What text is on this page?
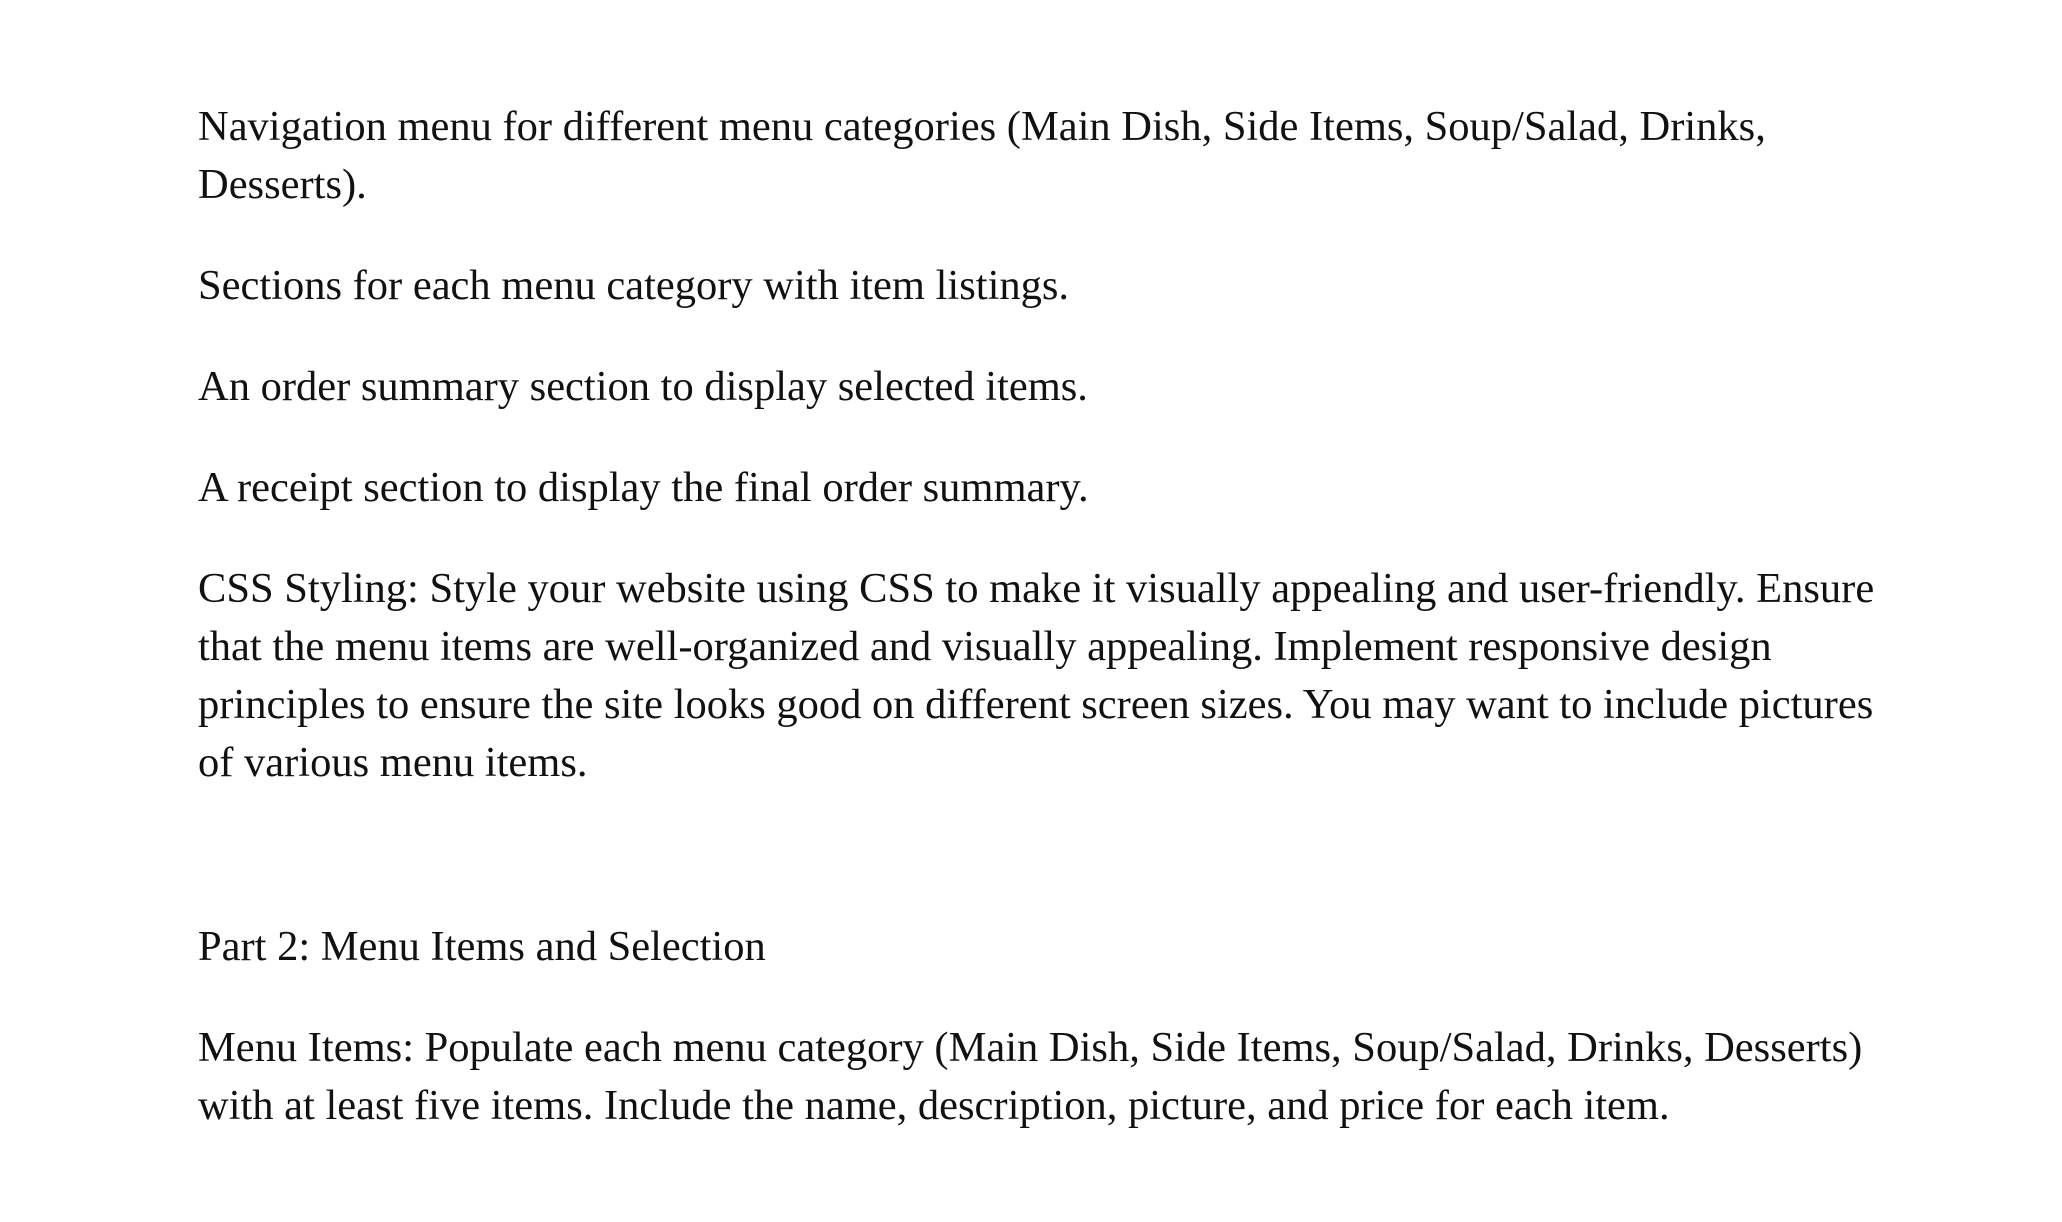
Navigation menu for different menu categories (Main Dish, Side Items, Soup/Salad, Drinks, Desserts).

Sections for each menu category with item listings.

An order summary section to display selected items.

A receipt section to display the final order summary.

CSS Styling: Style your website using CSS to make it visually appealing and user-friendly. Ensure that the menu items are well-organized and visually appealing. Implement responsive design principles to ensure the site looks good on different screen sizes. You may want to include pictures of various menu items.

Part 2: Menu Items and Selection

Menu Items: Populate each menu category (Main Dish, Side Items, Soup/Salad, Drinks, Desserts) with at least five items. Include the name, description, picture, and price for each item.
